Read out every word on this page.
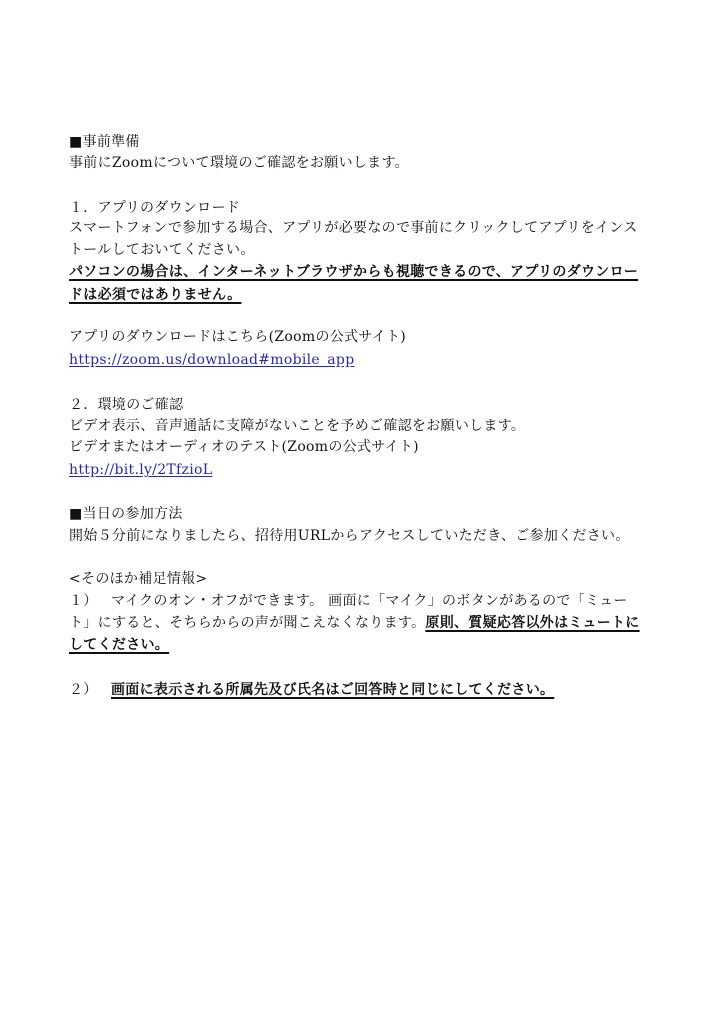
■事前準備
事前にZoomについて環境のご確認をお願いします。
１．アプリのダウンロード
スマートフォンで参加する場合、アプリが必要なので事前にクリックしてアプリをインス
トールしておいてください。
パソコンの場合は、インターネットブラウザからも視聴できるので、アプリのダウンロー
ドは必須ではありません。
アプリのダウンロードはこちら(Zoomの公式サイト)
https://zoom.us/download#mobile_app
２．環境のご確認
ビデオ表示、音声通話に支障がないことを予めご確認をお願いします。
ビデオまたはオーディオのテスト(Zoomの公式サイト)
http://bit.ly/2TfzioL
■当日の参加方法
開始５分前になりましたら、招待用URLからアクセスしていただき、ご参加ください。
<そのほか補足情報>
１） マイクのオン・オフができます。 画面に「マイク」のボタンがあるので「ミュー
ト」にすると、そちらからの声が聞こえなくなります。原則、質疑応答以外はミュートに
してください。
２） 画面に表示される所属先及び氏名はご回答時と同じにしてください。
